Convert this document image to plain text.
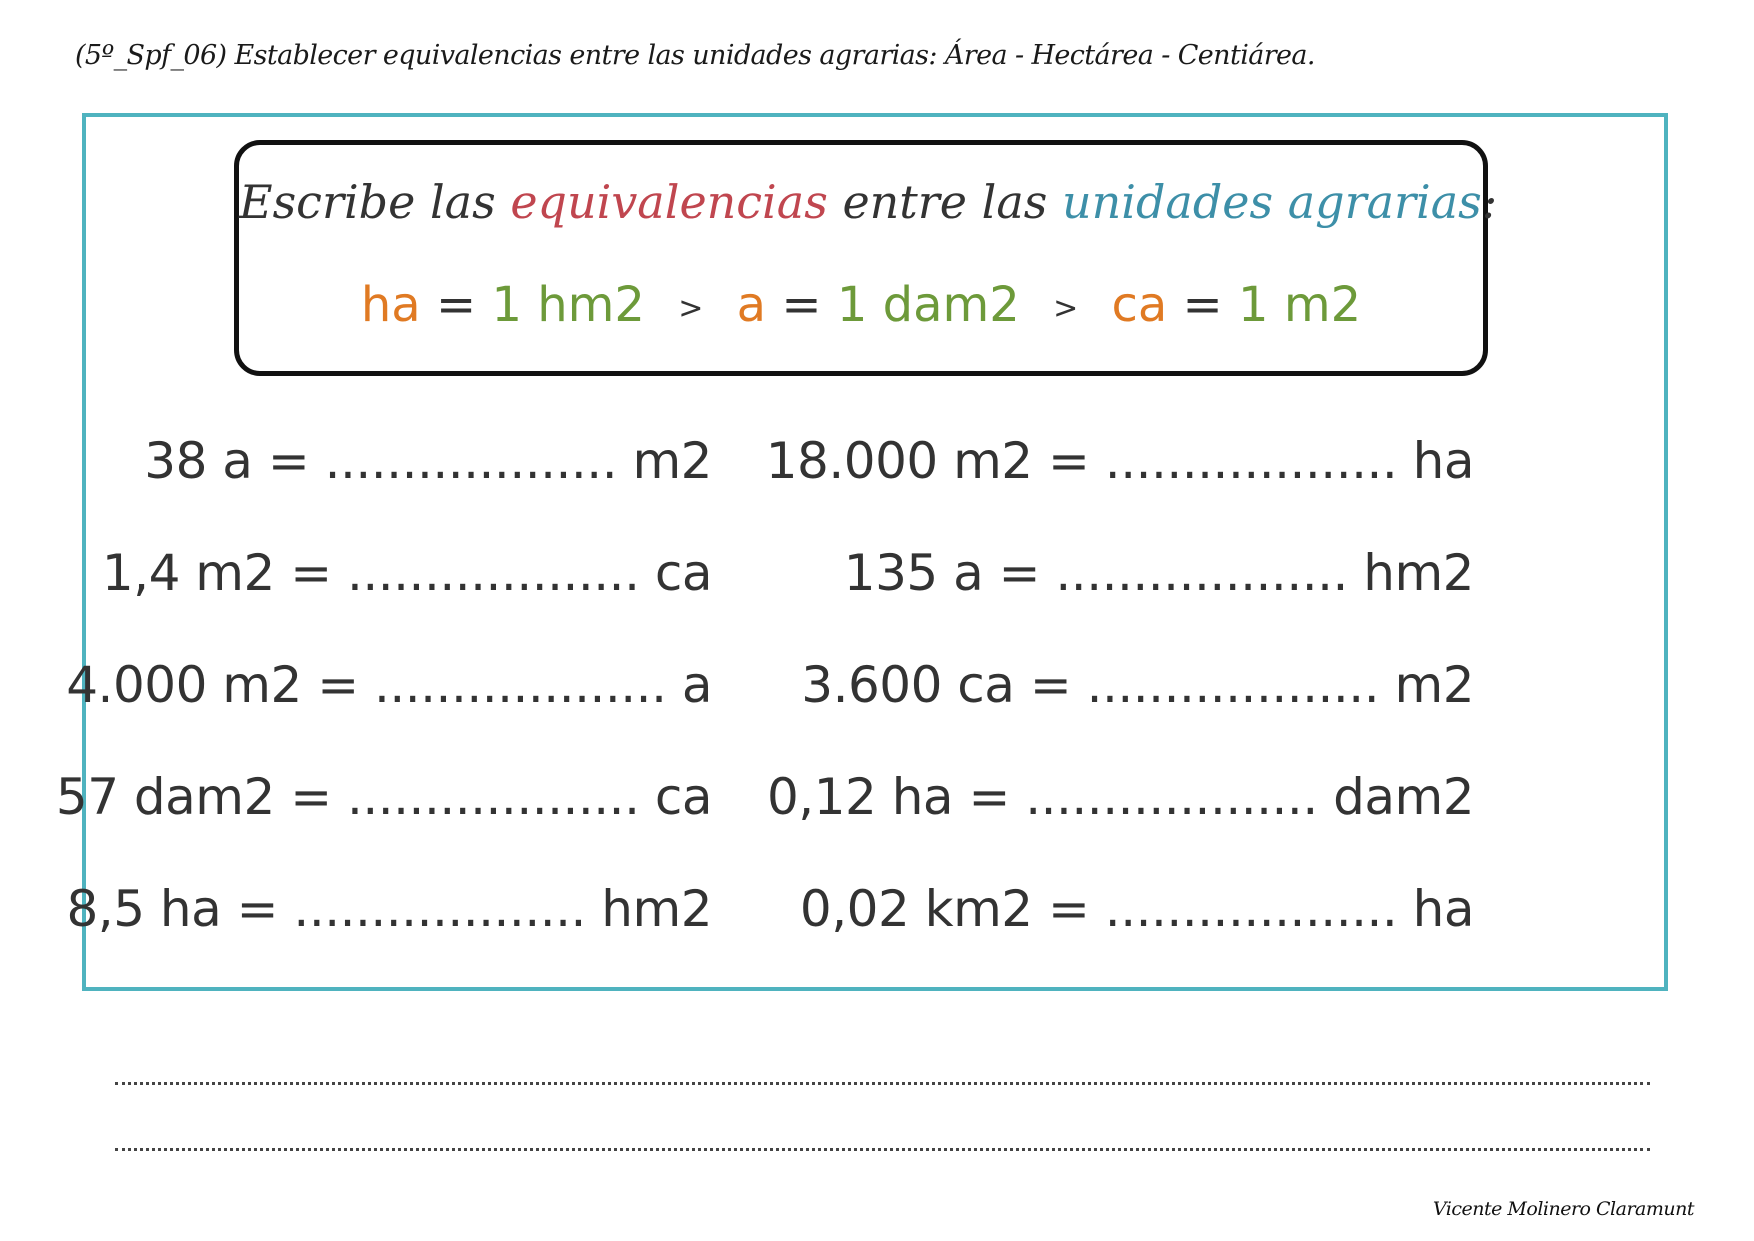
(5º_Spf_06) Establecer equivalencias entre las unidades agrarias: Área - Hectárea - Centiárea.
Escribe las equivalencias entre las unidades agrarias:
ha = 1 hm2 > a = 1 dam2 > ca = 1 m2
38 a = ................... m2
1,4 m2 = ................... ca
4.000 m2 = ................... a
57 dam2 = ................... ca
8,5 ha = ................... hm2
18.000 m2 = ................... ha
135 a = ................... hm2
3.600 ca = ................... m2
0,12 ha = ................... dam2
0,02 km2 = ................... ha
Vicente Molinero Claramunt
